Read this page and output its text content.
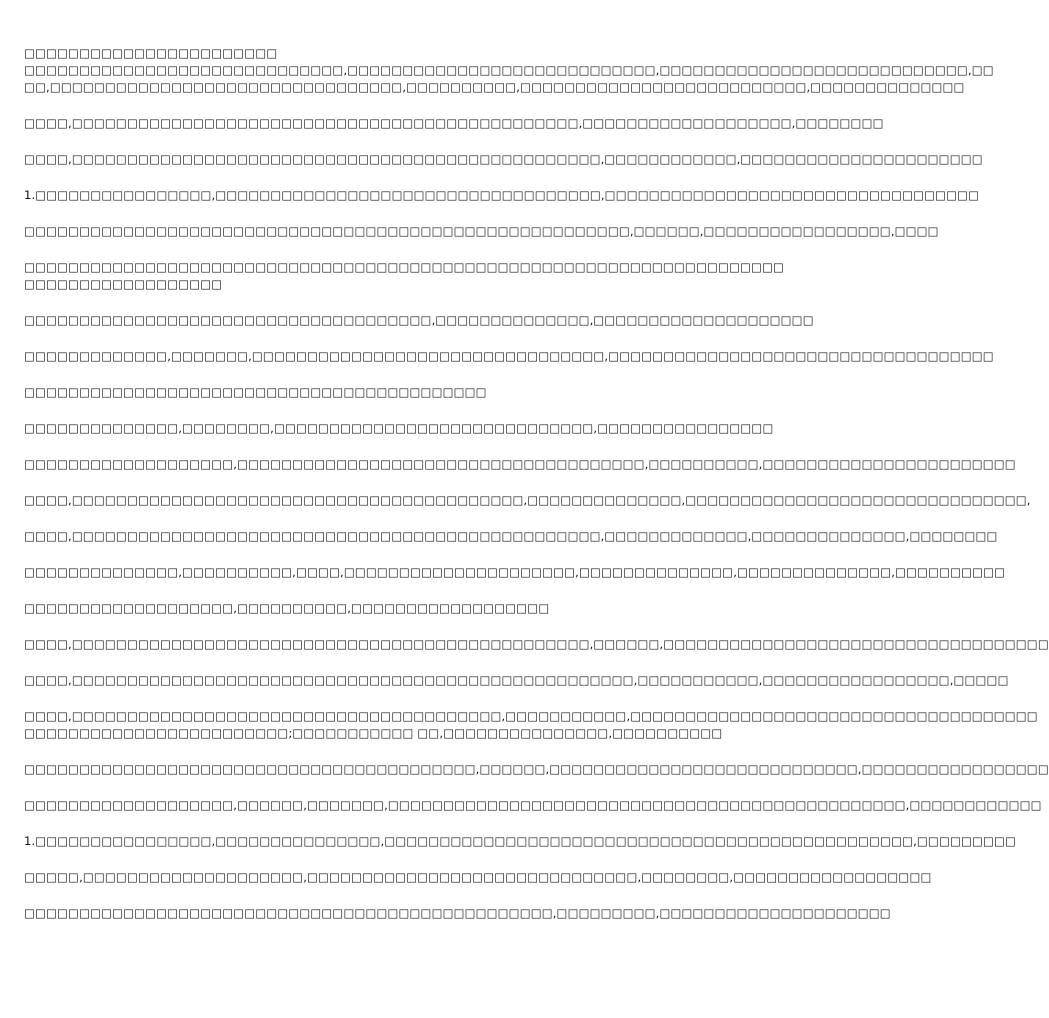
□□□□□□□□□□□□□□□□□□□□□□□
□□□□□□□□□□□□□□□□□□□□□□□□□□□□□,□□□□□□□□□□□□□□□□□□□□□□□□□□□□,□□□□□□□□□□□□□□□□□□□□□□□□□□□□,□□
□□,□□□□□□□□□□□□□□□□□□□□□□□□□□□□□□□□,□□□□□□□□□□,□□□□□□□□□□□□□□□□□□□□□□□□□□,□□□□□□□□□□□□□□
□□□□,□□□□□□□□□□□□□□□□□□□□□□□□□□□□□□□□□□□□□□□□□□□□□□,□□□□□□□□□□□□□□□□□□□,□□□□□□□□
□□□□,□□□□□□□□□□□□□□□□□□□□□□□□□□□□□□□□□□□□□□□□□□□□□□□□,□□□□□□□□□□□□,□□□□□□□□□□□□□□□□□□□□□□
1.□□□□□□□□□□□□□□□□,□□□□□□□□□□□□□□□□□□□□□□□□□□□□□□□□□□□,□□□□□□□□□□□□□□□□□□□□□□□□□□□□□□□□□□
□□□□□□□□□□□□□□□□□□□□□□□□□□□□□□□□□□□□□□□□□□□□□□□□□□□□□□□,□□□□□□,□□□□□□□□□□□□□□□□□,□□□□
□□□□□□□□□□□□□□□□□□□□□□□□□□□□□□□□□□□□□□□□□□□□□□□□□□□□□□□□□□□□□□□□□□□□□
□□□□□□□□□□□□□□□□□□
□□□□□□□□□□□□□□□□□□□□□□□□□□□□□□□□□□□□□,□□□□□□□□□□□□□□,□□□□□□□□□□□□□□□□□□□□
□□□□□□□□□□□□□,□□□□□□□,□□□□□□□□□□□□□□□□□□□□□□□□□□□□□□□□,□□□□□□□□□□□□□□□□□□□□□□□□□□□□□□□□□□□
□□□□□□□□□□□□□□□□□□□□□□□□□□□□□□□□□□□□□□□□□□
□□□□□□□□□□□□□□,□□□□□□□□,□□□□□□□□□□□□□□□□□□□□□□□□□□□□□,□□□□□□□□□□□□□□□□
□□□□□□□□□□□□□□□□□□□,□□□□□□□□□□□□□□□□□□□□□□□□□□□□□□□□□□□□□,□□□□□□□□□□,□□□□□□□□□□□□□□□□□□□□□□□
□□□□,□□□□□□□□□□□□□□□□□□□□□□□□□□□□□□□□□□□□□□□□□,□□□□□□□□□□□□□□,□□□□□□□□□□□□□□□□□□□□□□□□□□□□□□□,
□□□□,□□□□□□□□□□□□□□□□□□□□□□□□□□□□□□□□□□□□□□□□□□□□□□□□,□□□□□□□□□□□□□,□□□□□□□□□□□□□□,□□□□□□□□
□□□□□□□□□□□□□□,□□□□□□□□□□,□□□□,□□□□□□□□□□□□□□□□□□□□□,□□□□□□□□□□□□□□,□□□□□□□□□□□□□□,□□□□□□□□□□
□□□□□□□□□□□□□□□□□□□,□□□□□□□□□□,□□□□□□□□□□□□□□□□□□
□□□□,□□□□□□□□□□□□□□□□□□□□□□□□□□□□□□□□□□□□□□□□□□□□□□□,□□□□□□,□□□□□□□□□□□□□□□□□□□□□□□□□□□□□□□□□□□
□□□□,□□□□□□□□□□□□□□□□□□□□□□□□□□□□□□□□□□□□□□□□□□□□□□□□□□□,□□□□□□□□□□□,□□□□□□□□□□□□□□□□□,□□□□□
□□□□,□□□□□□□□□□□□□□□□□□□□□□□□□□□□□□□□□□□□□□□,□□□□□□□□□□□,□□□□□□□□□□□□□□□□□□□□□□□□□□□□□□□□□□□□□
□□□□□□□□□□□□□□□□□□□□□□□□;□□□□□□□□□□□ □□,□□□□□□□□□□□□□□□,□□□□□□□□□□
□□□□□□□□□□□□□□□□□□□□□□□□□□□□□□□□□□□□□□□□□,□□□□□□,□□□□□□□□□□□□□□□□□□□□□□□□□□□□,□□□□□□□□□□□□□□□□□
□□□□□□□□□□□□□□□□□□□,□□□□□□,□□□□□□□,□□□□□□□□□□□□□□□□□□□□□□□□□□□□□□□□□□□□□□□□□□□□□□□,□□□□□□□□□□□□
1.□□□□□□□□□□□□□□□□,□□□□□□□□□□□□□□□,□□□□□□□□□□□□□□□□□□□□□□□□□□□□□□□□□□□□□□□□□□□□□□□□,□□□□□□□□□
□□□□□,□□□□□□□□□□□□□□□□□□□□,□□□□□□□□□□□□□□□□□□□□□□□□□□□□□□,□□□□□□□□,□□□□□□□□□□□□□□□□□□
□□□□□□□□□□□□□□□□□□□□□□□□□□□□□□□□□□□□□□□□□□□□□□□□,□□□□□□□□□,□□□□□□□□□□□□□□□□□□□□□
